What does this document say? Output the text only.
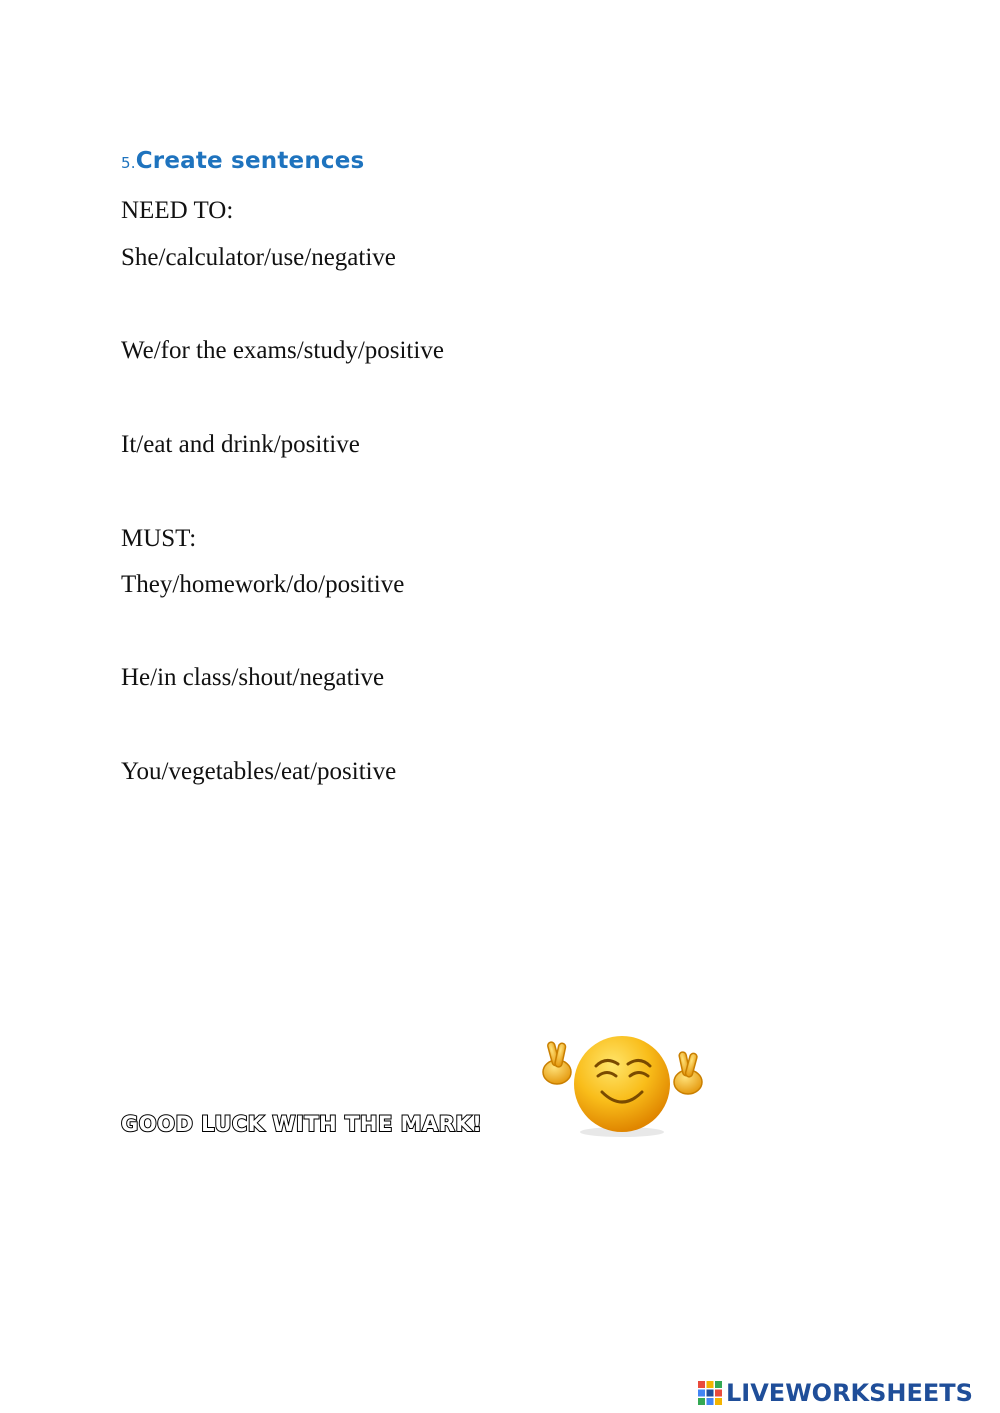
5.Create sentences
NEED TO:
She/calculator/use/negative
We/for the exams/study/positive
It/eat and drink/positive
MUST:
They/homework/do/positive
He/in class/shout/negative
You/vegetables/eat/positive
GOOD LUCK WITH THE MARK!
LIVEWORKSHEETS
